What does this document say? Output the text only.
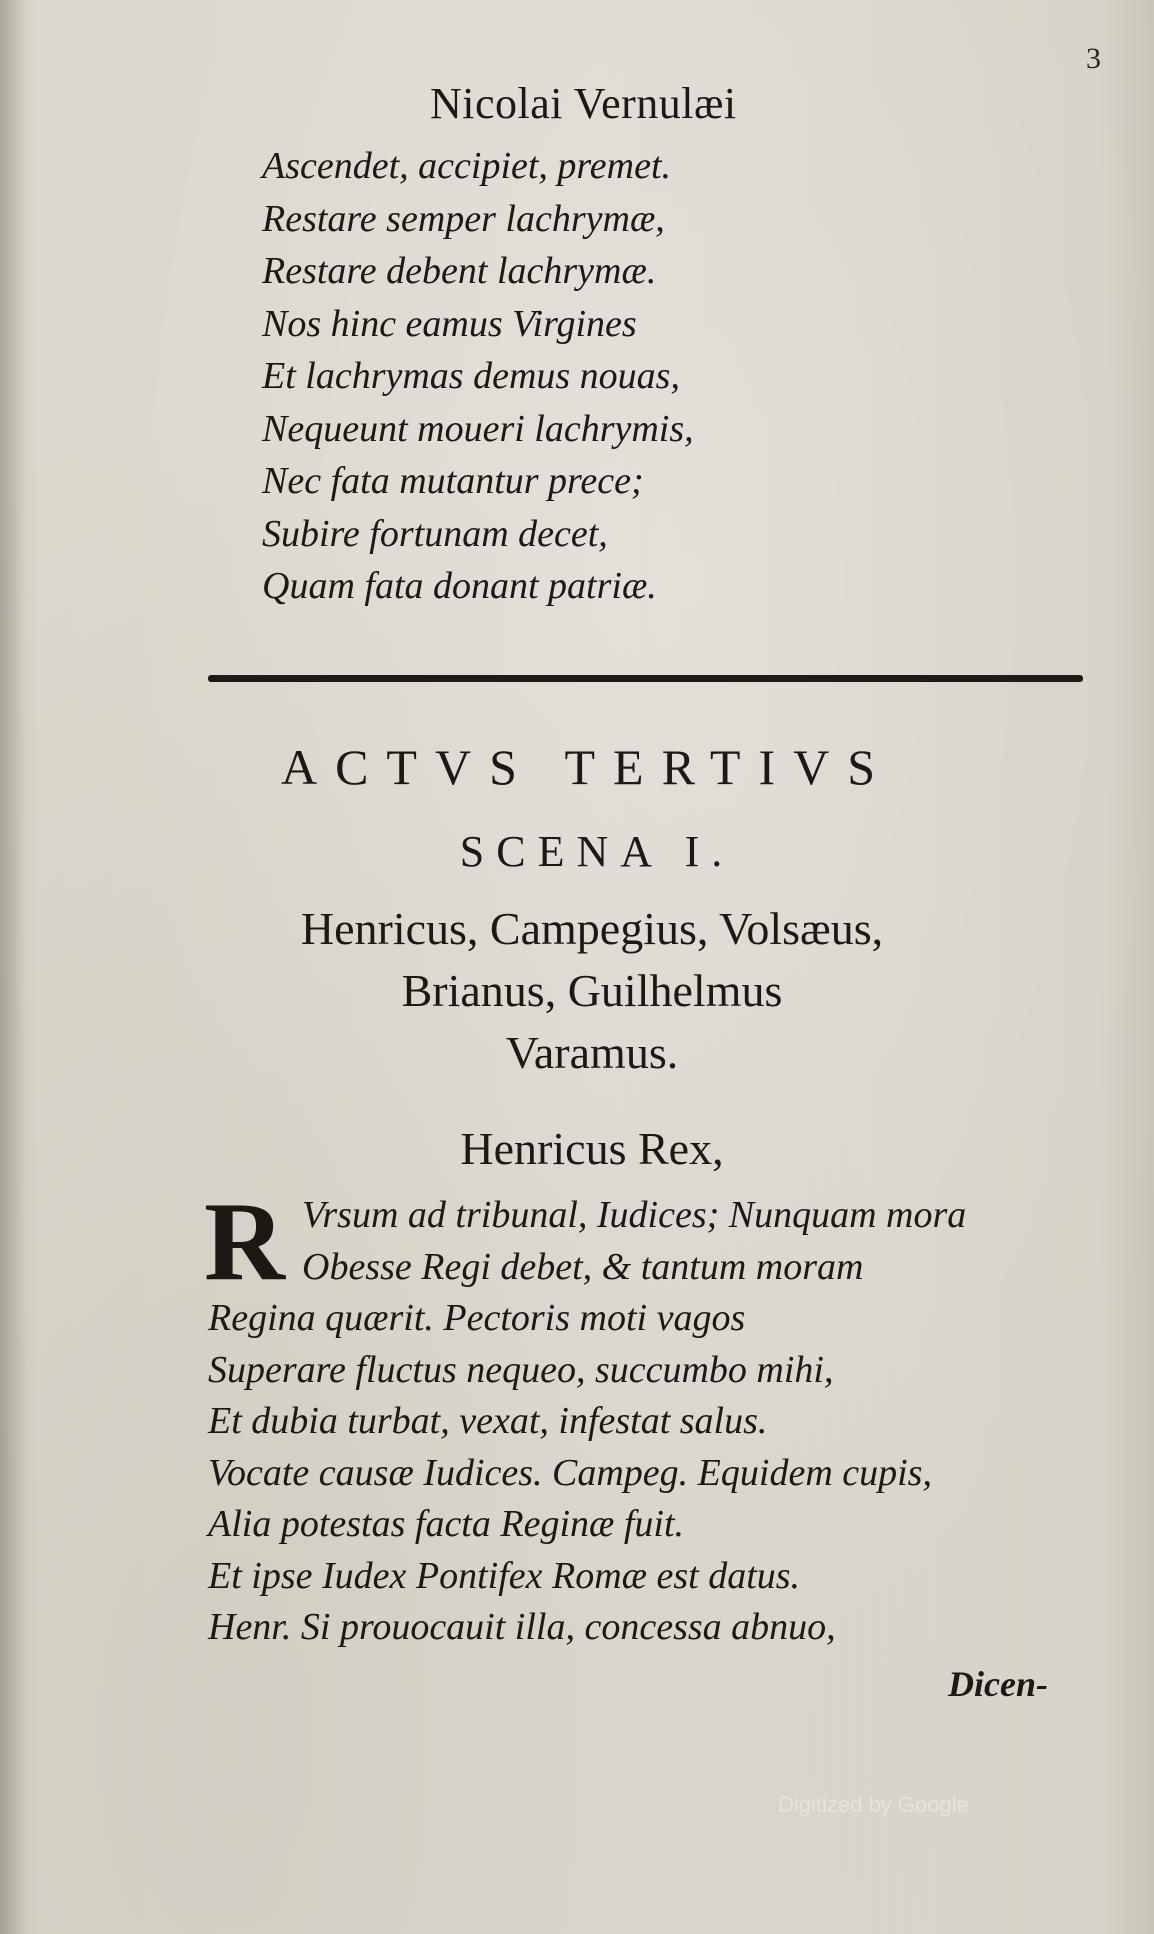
3
Nicolai Vernulæi
Ascendet, accipiet, premet.
Restare semper lachrymæ,
Restare debent lachrymæ.
Nos hinc eamus Virgines
Et lachrymas demus nouas,
Nequeunt moueri lachrymis,
Nec fata mutantur prece;
Subire fortunam decet,
Quam fata donant patriæ.
ACTVS TERTIVS
SCENA I.
Henricus, Campegius, Volsæus,
Brianus, Guilhelmus
Varamus.
Henricus Rex,
R Vrsum ad tribunal, Iudices; Nunquam mora
Obesse Regi debet, & tantum moram
Regina quærit. Pectoris moti vagos
Superare fluctus nequeo, succumbo mihi,
Et dubia turbat, vexat, infestat salus.
Vocate causæ Iudices. Campeg. Equidem cupis,
Alia potestas facta Reginæ fuit.
Et ipse Iudex Pontifex Romæ est datus.
Henr. Si prouocauit illa, concessa abnuo,
Dicen-
Digitized by Google
